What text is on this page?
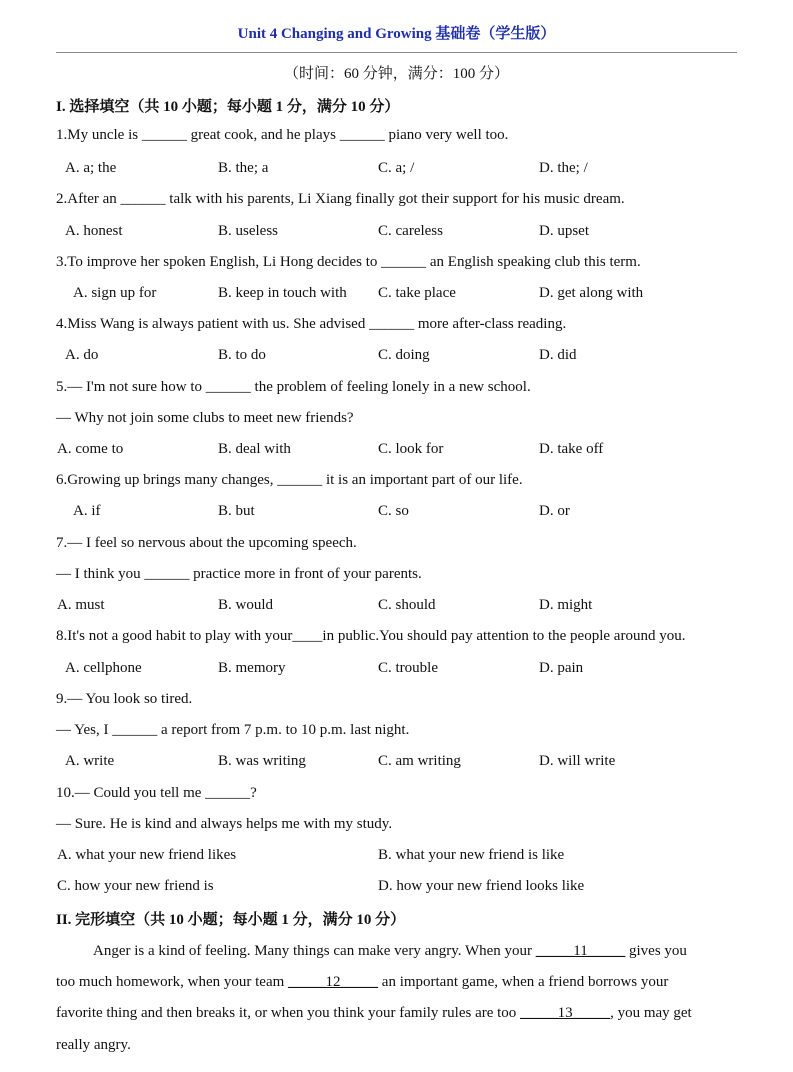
Unit 4 Changing and Growing 基础卷（学生版）
（时间：60 分钟，满分：100 分）
I. 选择填空（共 10 小题；每小题 1 分，满分 10 分）
1.My uncle is ______ great cook, and he plays ______ piano very well too.
A. a; the	B. the; a	C. a; /	D. the; /
2.After an ______ talk with his parents, Li Xiang finally got their support for his music dream.
A. honest	B. useless	C. careless	D. upset
3.To improve her spoken English, Li Hong decides to ______ an English speaking club this term.
A. sign up for	B. keep in touch with C. take place	D. get along with
4.Miss Wang is always patient with us. She advised ______ more after-class reading.
A. do	B. to do	C. doing	D. did
5.— I'm not sure how to ______ the problem of feeling lonely in a new school.
— Why not join some clubs to meet new friends?
A. come to	B. deal with	C. look for	D. take off
6.Growing up brings many changes, ______ it is an important part of our life.
A. if	B. but	C. so	D. or
7.— I feel so nervous about the upcoming speech.
— I think you ______ practice more in front of your parents.
A. must	B. would	C. should	D. might
8.It's not a good habit to play with your____in public.You should pay attention to the people around you.
A. cellphone	B. memory	C. trouble	D. pain
9.— You look so tired.
— Yes, I ______ a report from 7 p.m. to 10 p.m. last night.
A. write	B. was writing	C. am writing	D. will write
10.— Could you tell me ______?
— Sure. He is kind and always helps me with my study.
A. what your new friend likes	B. what your new friend is like
C. how your new friend is	D. how your new friend looks like
II. 完形填空（共 10 小题；每小题 1 分，满分 10 分）
Anger is a kind of feeling. Many things can make very angry. When your _____11_____ gives you
too much homework, when your team _____12_____ an important game, when a friend borrows your
favorite thing and then breaks it, or when you think your family rules are too _____13_____, you may get
really angry.
